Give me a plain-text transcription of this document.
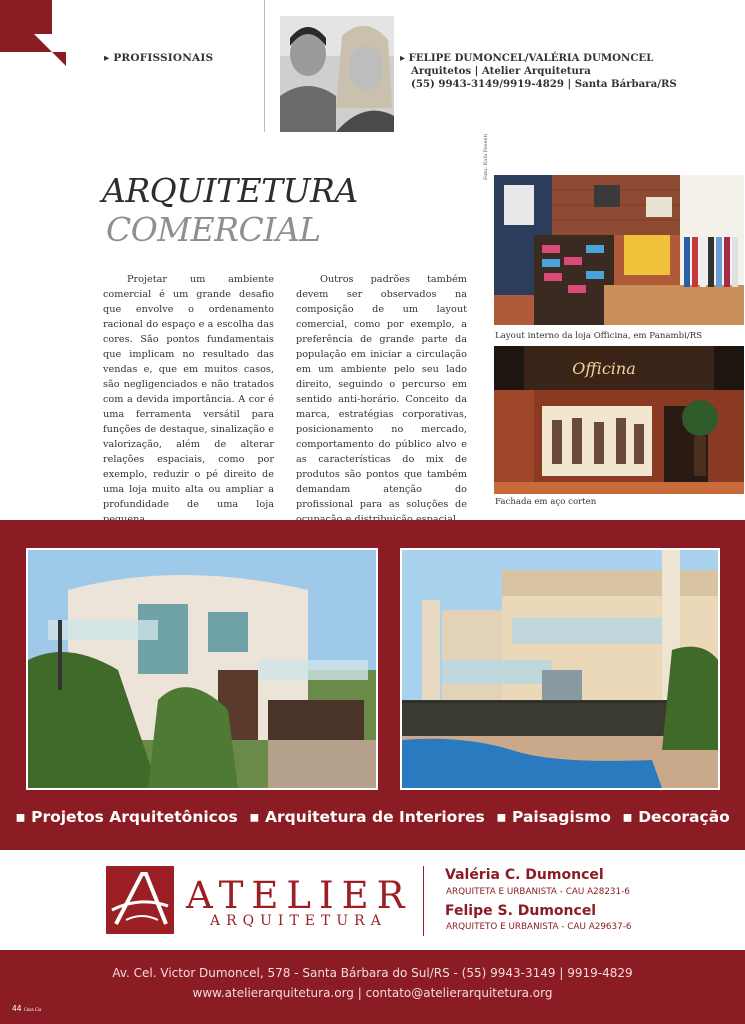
▸ PROFISSIONAIS	▸ FELIPE DUMONCEL/VALÉRIA DUMONCEL
Arquitetos | Atelier Arquitetura
(55) 9943-3149/9919-4829 | Santa Bárbara/RS
ARQUITETURA
COMERCIAL

Projetar um ambiente comercial é um grande desafio que envolve o ordenamento racional do espaço e a escolha das cores. São pontos fundamentais que implicam no resultado das vendas e, que em muitos casos, são negligenciados e não tratados com a devida importância. A cor é uma ferramenta versátil para funções de destaque, sinalização e valorização, além de alterar relações espaciais, como por exemplo, reduzir o pé direito de uma loja muito alta ou ampliar a profundidade de uma loja

Outros padrões também devem ser observados na composição de um layout comercial, como por exemplo, a preferência de grande parte da população em iniciar a circulação em um ambiente pelo seu lado direito, seguindo o percurso em sentido anti-horário. Conceito da marca, estratégias corporativas, posicionamento no mercado, comportamento do público alvo e as características do mix de produtos são pontos que também demandam atenção do profissional para as soluções de

Foto: Rafa Pesenti
Layout interno da loja Officina, em Panambi/RS
Officina
Fachada em aço corten
▪ Projetos Arquitetônicos ▪ Arquitetura de Interiores ▪ Paisagismo ▪ Decoração
ATELIER
ARQUITETURA
Valéria C. Dumoncel
ARQUITETA E URBANISTA - CAU A28231-6
Felipe S. Dumoncel
ARQUITETO E URBANISTA - CAU A29637-6
Av. Cel. Victor Dumoncel, 578 - Santa Bárbara do Sul/RS - (55) 9943-3149 | 9919-4829
www.atelierarquitetura.org | contato@atelierarquitetura.org
44 Casa Cia
